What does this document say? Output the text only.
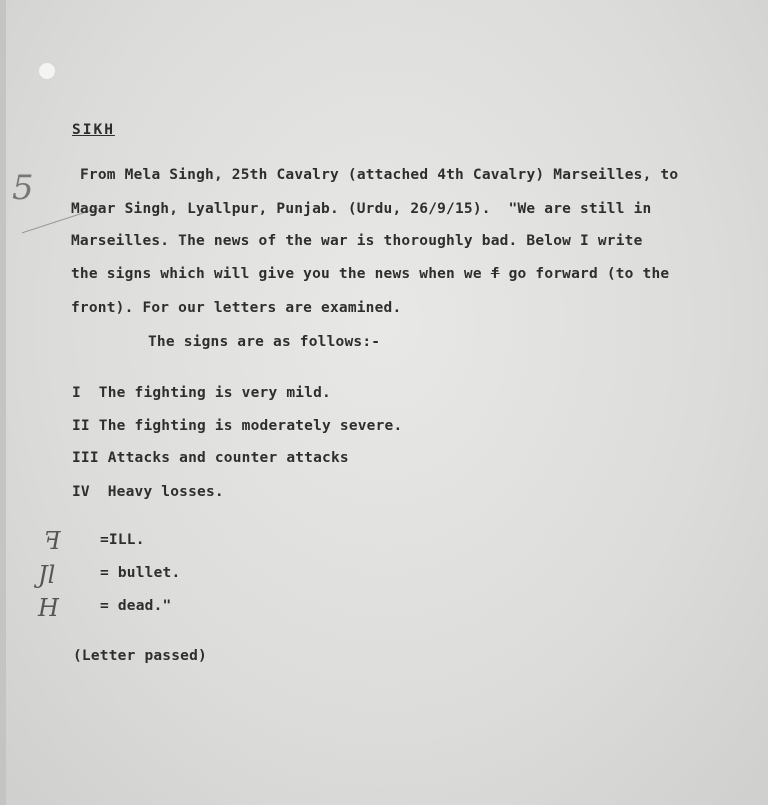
5
SIKH
From Mela Singh, 25th Cavalry (attached 4th Cavalry) Marseilles, to
Magar Singh, Lyallpur, Punjab. (Urdu, 26/9/15).  "We are still in
Marseilles. The news of the war is thoroughly bad. Below I write
the signs which will give you the news when we f go forward (to the
front). For our letters are examined.
The signs are as follows:-
I  The fighting is very mild.
II The fighting is moderately severe.
III Attacks and counter attacks
IV  Heavy losses.
ꟻ	=ILL.
Jl	= bullet.
H	= dead."
(Letter passed)
